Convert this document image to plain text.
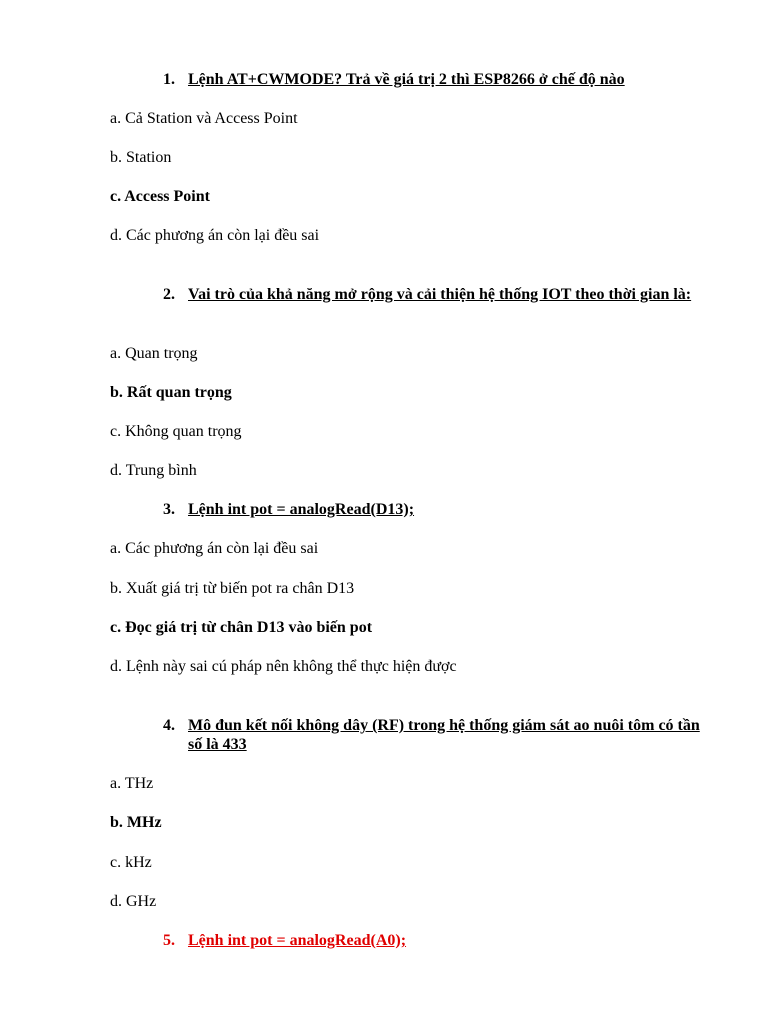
1. Lệnh AT+CWMODE? Trả về giá trị 2 thì ESP8266 ở chế độ nào
a. Cả Station và Access Point
b. Station
c. Access Point
d. Các phương án còn lại đều sai
2. Vai trò của khả năng mở rộng và cải thiện hệ thống IOT theo thời gian là:
a. Quan trọng
b. Rất quan trọng
c. Không quan trọng
d. Trung bình
3. Lệnh int pot = analogRead(D13);
a. Các phương án còn lại đều sai
b. Xuất giá trị từ biến pot ra chân D13
c. Đọc giá trị từ chân D13 vào biến pot
d. Lệnh này sai cú pháp nên không thể thực hiện được
4. Mô đun kết nối không dây (RF) trong hệ thống giám sát ao nuôi tôm có tần số là 433
a. THz
b. MHz
c. kHz
d. GHz
5. Lệnh int pot = analogRead(A0);
